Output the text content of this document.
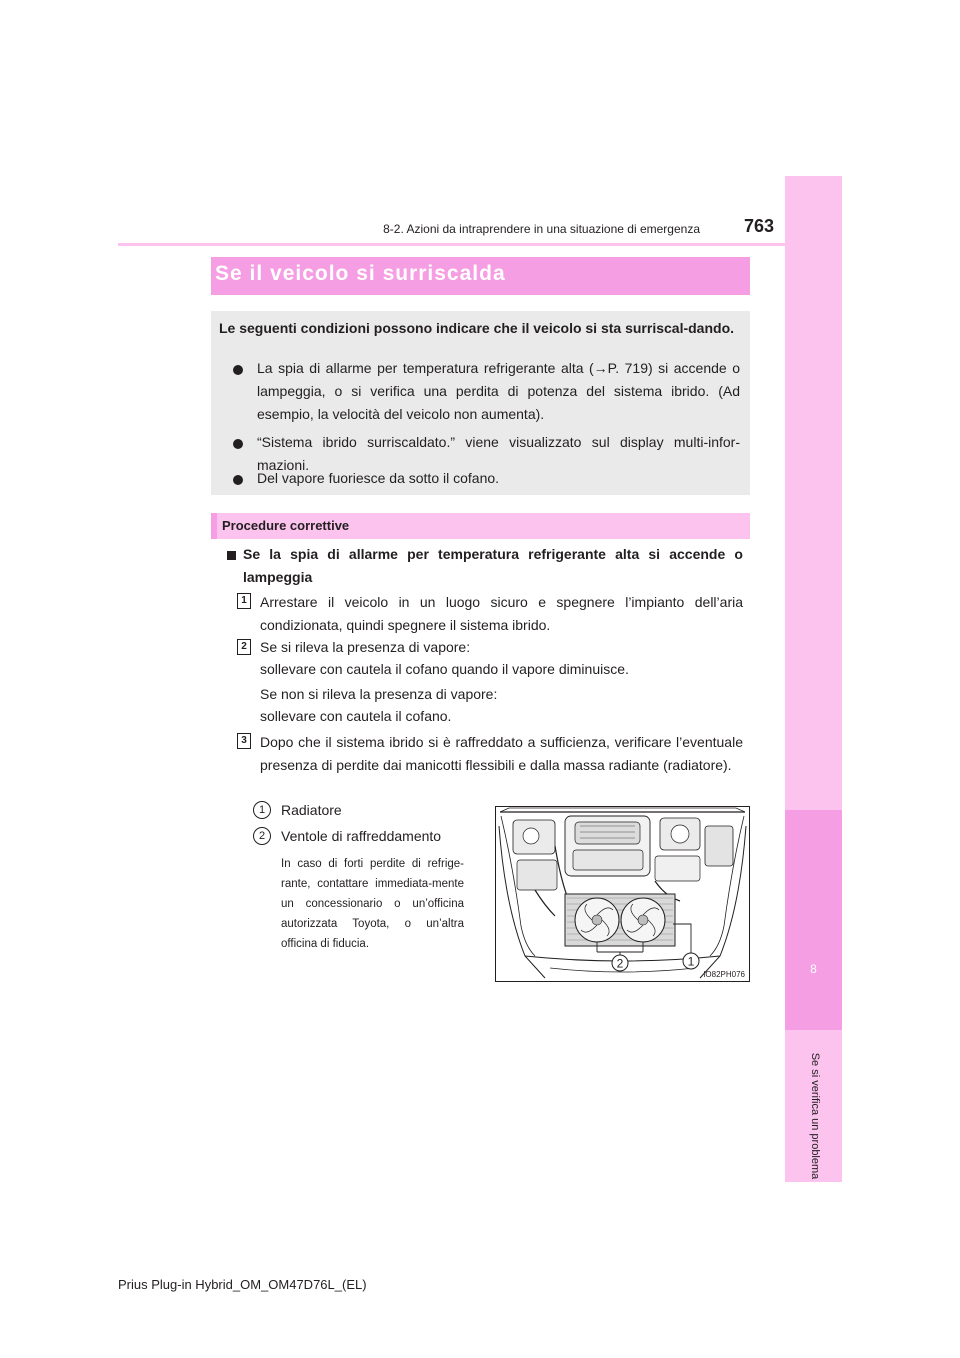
8
Se si verifica un problema
8-2. Azioni da intraprendere in una situazione di emergenza	763
Se il veicolo si surriscalda
Le seguenti condizioni possono indicare che il veicolo si sta surriscal-dando.
La spia di allarme per temperatura refrigerante alta (→P. 719) si accende o lampeggia, o si verifica una perdita di potenza del sistema ibrido. (Ad esempio, la velocità del veicolo non aumenta).
“Sistema ibrido surriscaldato.” viene visualizzato sul display multi-infor-mazioni.
Del vapore fuoriesce da sotto il cofano.
Procedure correttive
Se la spia di allarme per temperatura refrigerante alta si accende o lampeggia
1 Arrestare il veicolo in un luogo sicuro e spegnere l’impianto dell’aria condizionata, quindi spegnere il sistema ibrido.
2 Se si rileva la presenza di vapore:
sollevare con cautela il cofano quando il vapore diminuisce.
Se non si rileva la presenza di vapore:
sollevare con cautela il cofano.
3 Dopo che il sistema ibrido si è raffreddato a sufficienza, verificare l’eventuale presenza di perdite dai manicotti flessibili e dalla massa radiante (radiatore).
1	Radiatore
2	Ventole di raffreddamento
In caso di forti perdite di refrige-rante, contattare immediata-mente un concessionario o un’officina autorizzata Toyota, o un’altra officina di fiducia.
2	1
IO82PH076
Prius Plug-in Hybrid_OM_OM47D76L_(EL)
